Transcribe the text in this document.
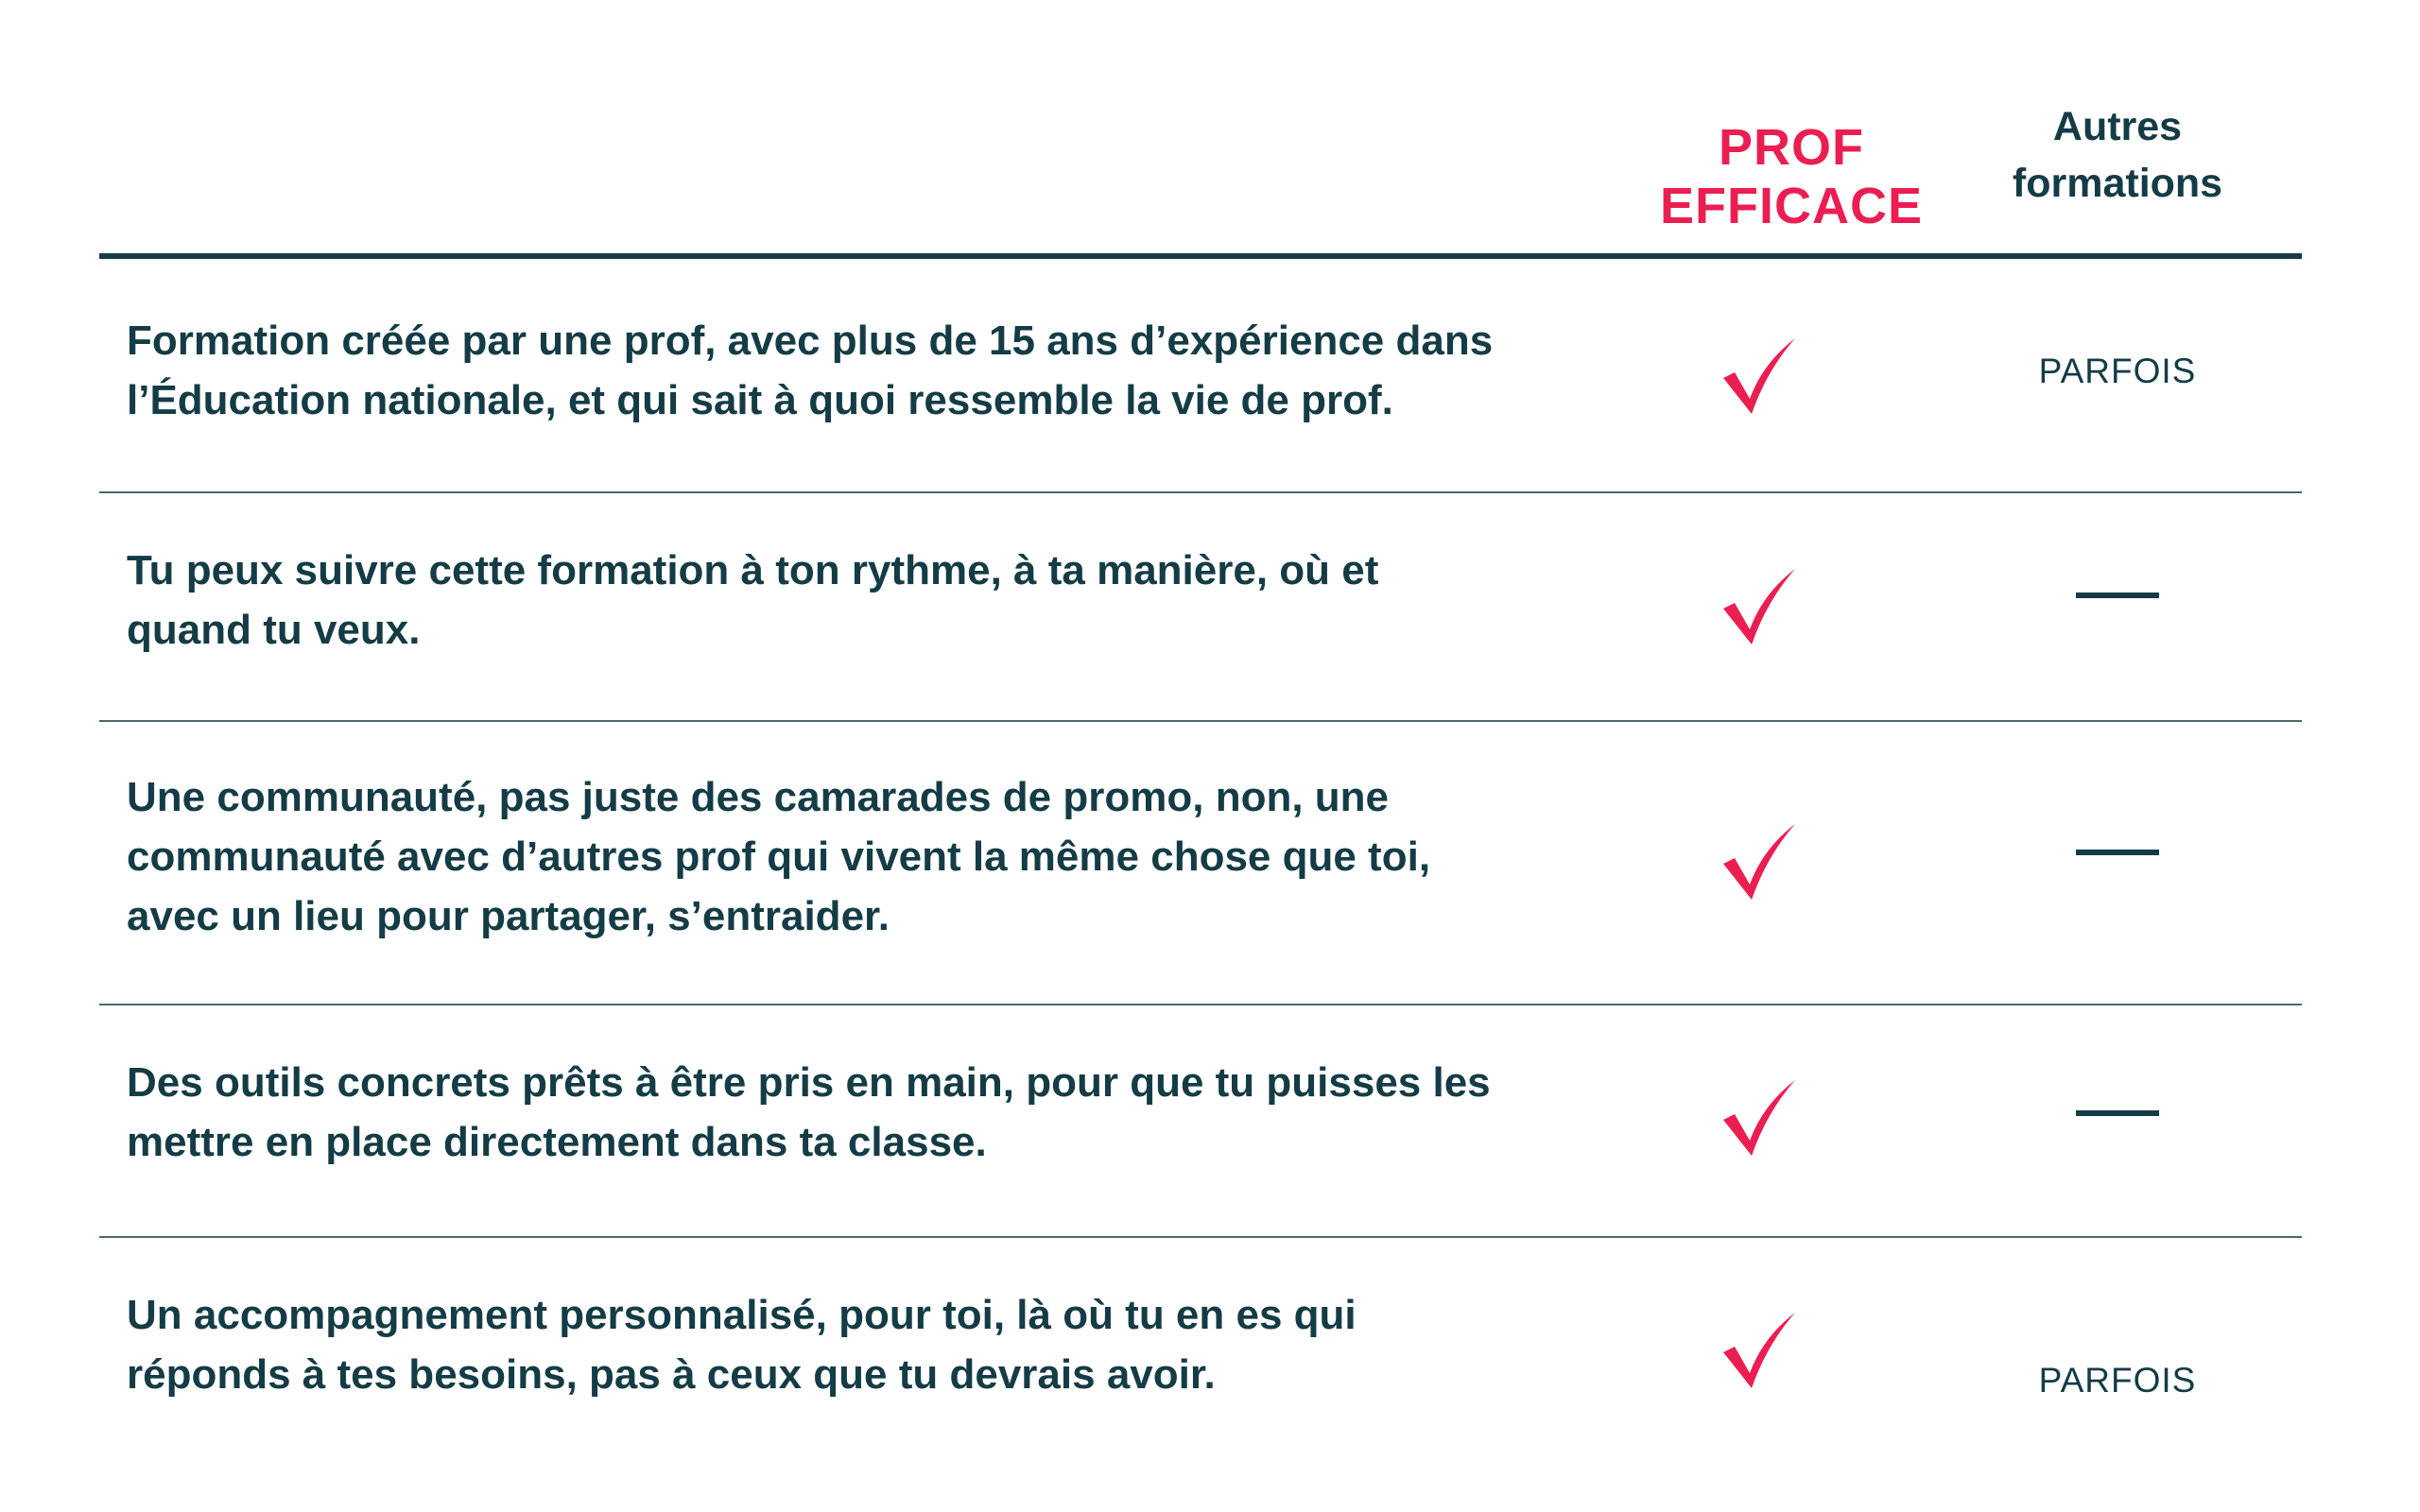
PROF EFFICACE
Autres
formations
Formation créée par une prof, avec plus de 15 ans d’expérience dans
l’Éducation nationale, et qui sait à quoi ressemble la vie de prof.
PARFOIS
Tu peux suivre cette formation à ton rythme, à ta manière, où et
quand tu veux.
Une communauté, pas juste des camarades de promo, non, une
communauté avec d’autres prof qui vivent la même chose que toi,
avec un lieu pour partager, s’entraider.
Des outils concrets prêts à être pris en main, pour que tu puisses les
mettre en place directement dans ta classe.
Un accompagnement personnalisé, pour toi, là où tu en es qui
réponds à tes besoins, pas à ceux que tu devrais avoir.	PARFOIS
